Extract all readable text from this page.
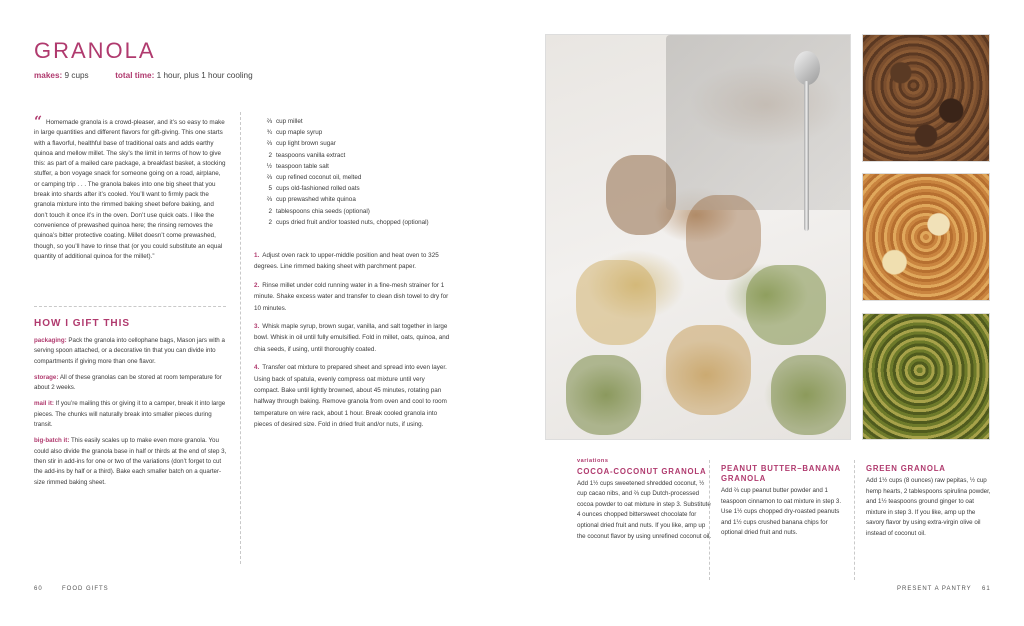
GRANOLA
makes: 9 cups	total time: 1 hour, plus 1 hour cooling
“ Homemade granola is a crowd-pleaser, and it’s so easy to make in large quantities and different flavors for gift-giving. This one starts with a flavorful, healthful base of traditional oats and adds earthy quinoa and mellow millet. The sky’s the limit in terms of how to give this: as part of a mailed care package, a breakfast basket, a stocking stuffer, a bon voyage snack for someone going on a road, airplane, or camping trip . . . The granola bakes into one big sheet that you break into shards after it’s cooled. You’ll want to firmly pack the granola mixture into the rimmed baking sheet before baking, and don’t touch it once it’s in the oven. Don’t use quick oats. I like the convenience of prewashed quinoa here; the rinsing removes the quinoa’s bitter protective coating. Millet doesn’t come prewashed, though, so you’ll have to rinse that (or you could substitute an equal quantity of additional quinoa for the millet).”

HOW I GIFT THIS

packaging: Pack the granola into cellophane bags, Mason jars with a serving spoon attached, or a decorative tin that you can divide into compartments if giving more than one flavor.

storage: All of these granolas can be stored at room temperature for about 2 weeks.

mail it: If you’re mailing this or giving it to a camper, break it into large pieces. The chunks will naturally break into smaller pieces during transit.

big-batch it: This easily scales up to make even more granola. You could also divide the granola base in half or thirds at the end of step 3, then stir in add-ins for one or two of the variations (don’t forget to cut the add-ins by half or a third). Bake each smaller batch on a quarter-size rimmed baking sheet.

⅔ cup millet
¾ cup maple syrup
⅔ cup light brown sugar
2 teaspoons vanilla extract
½ teaspoon table salt
⅔ cup refined coconut oil, melted
5 cups old-fashioned rolled oats
⅔ cup prewashed white quinoa
2 tablespoons chia seeds (optional)
2 cups dried fruit and/or toasted nuts, chopped (optional)

1. Adjust oven rack to upper-middle position and heat oven to 325 degrees. Line rimmed baking sheet with parchment paper.

2. Rinse millet under cold running water in a fine-mesh strainer for 1 minute. Shake excess water and transfer to clean dish towel to dry for 10 minutes.

3. Whisk maple syrup, brown sugar, vanilla, and salt together in large bowl. Whisk in oil until fully emulsified. Fold in millet, oats, quinoa, and chia seeds, if using, until thoroughly coated.

4. Transfer oat mixture to prepared sheet and spread into even layer. Using back of spatula, evenly compress oat mixture until very compact. Bake until lightly browned, about 45 minutes, rotating pan halfway through baking. Remove granola from oven and cool to room temperature on wire rack, about 1 hour. Break cooled granola into pieces of desired size. Fold in dried fruit and/or nuts, if using.

60	FOOD GIFTS
variations
COCOA-COCONUT GRANOLA
Add 1½ cups sweetened shredded coconut, ½ cup cacao nibs, and ⅔ cup Dutch-processed cocoa powder to oat mixture in step 3. Substitute 4 ounces chopped bittersweet chocolate for optional dried fruit and nuts. If you like, amp up the coconut flavor by using unrefined coconut oil.
PEANUT BUTTER–BANANA GRANOLA
Add ⅔ cup peanut butter powder and 1 teaspoon cinnamon to oat mixture in step 3. Use 1½ cups chopped dry-roasted peanuts and 1½ cups crushed banana chips for optional dried fruit and nuts.
GREEN GRANOLA
Add 1½ cups (8 ounces) raw pepitas, ½ cup hemp hearts, 2 tablespoons spirulina powder, and 1½ teaspoons ground ginger to oat mixture in step 3. If you like, amp up the savory flavor by using extra-virgin olive oil instead of coconut oil.
PRESENT A PANTRY 61
